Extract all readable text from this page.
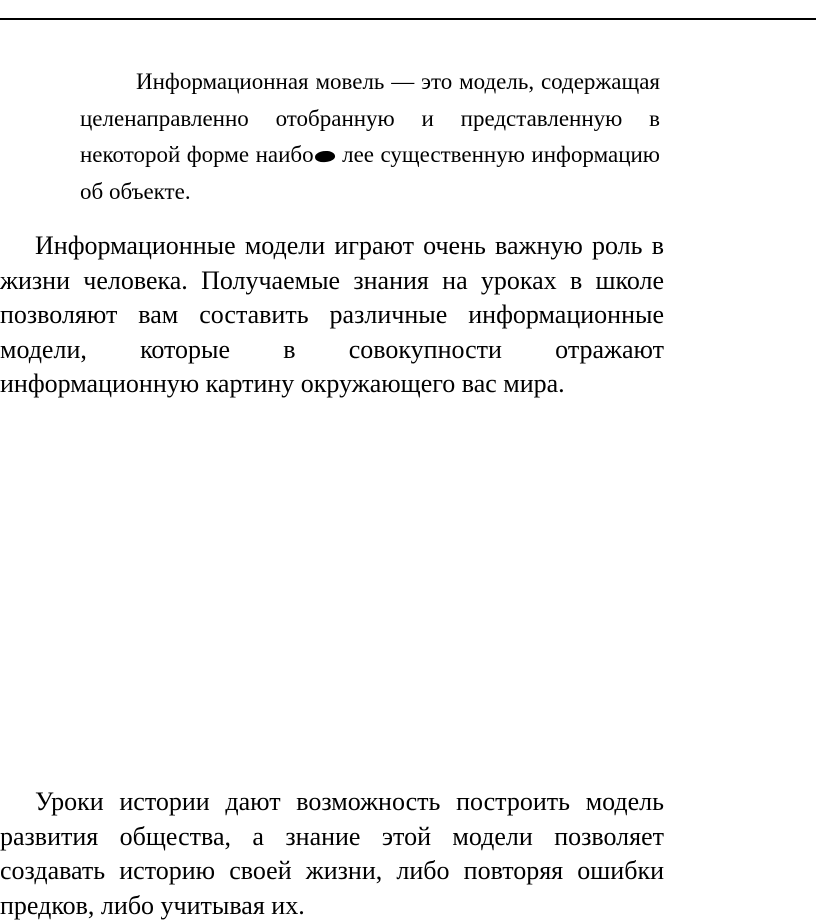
Информационная мовель — это модель, содержащая целенаправленно отобранную и представленную в некоторой форме наибо лее существенную информацию об объекте.

Информационные модели играют очень важную роль в жизни человека. Получаемые знания на уроках в школе позволяют вам составить различные информационные модели, которые в совокупности отражают информационную картину окружающего вас мира.

Уроки истории дают возможность построить модель развития общества, а знание этой модели позволяет создавать историю своей жизни, либо повторяя ошибки предков, либо учитывая их.
